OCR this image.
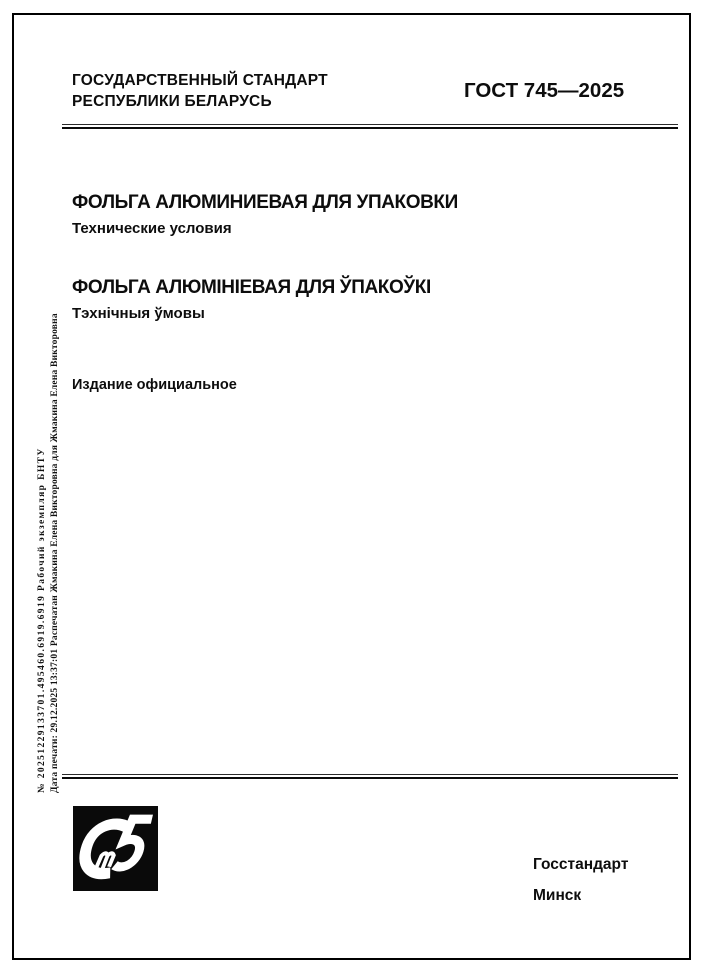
ГОСУДАРСТВЕННЫЙ СТАНДАРТ
РЕСПУБЛИКИ БЕЛАРУСЬ	ГОСТ 745—2025
ФОЛЬГА АЛЮМИНИЕВАЯ ДЛЯ УПАКОВКИ
Технические условия
ФОЛЬГА АЛЮМІНІЕВАЯ ДЛЯ ЎПАКОЎКІ
Тэхнічныя ўмовы
Издание официальное
№ 20251229133701.495460.6919.6919 Рабочий экземпляр БНТУ Дата печати: 29.12.2025 13:37:01 Распечатан Жмакина Елена Викторовна для Жмакина Елена Викторовна
Госстандарт
Минск
